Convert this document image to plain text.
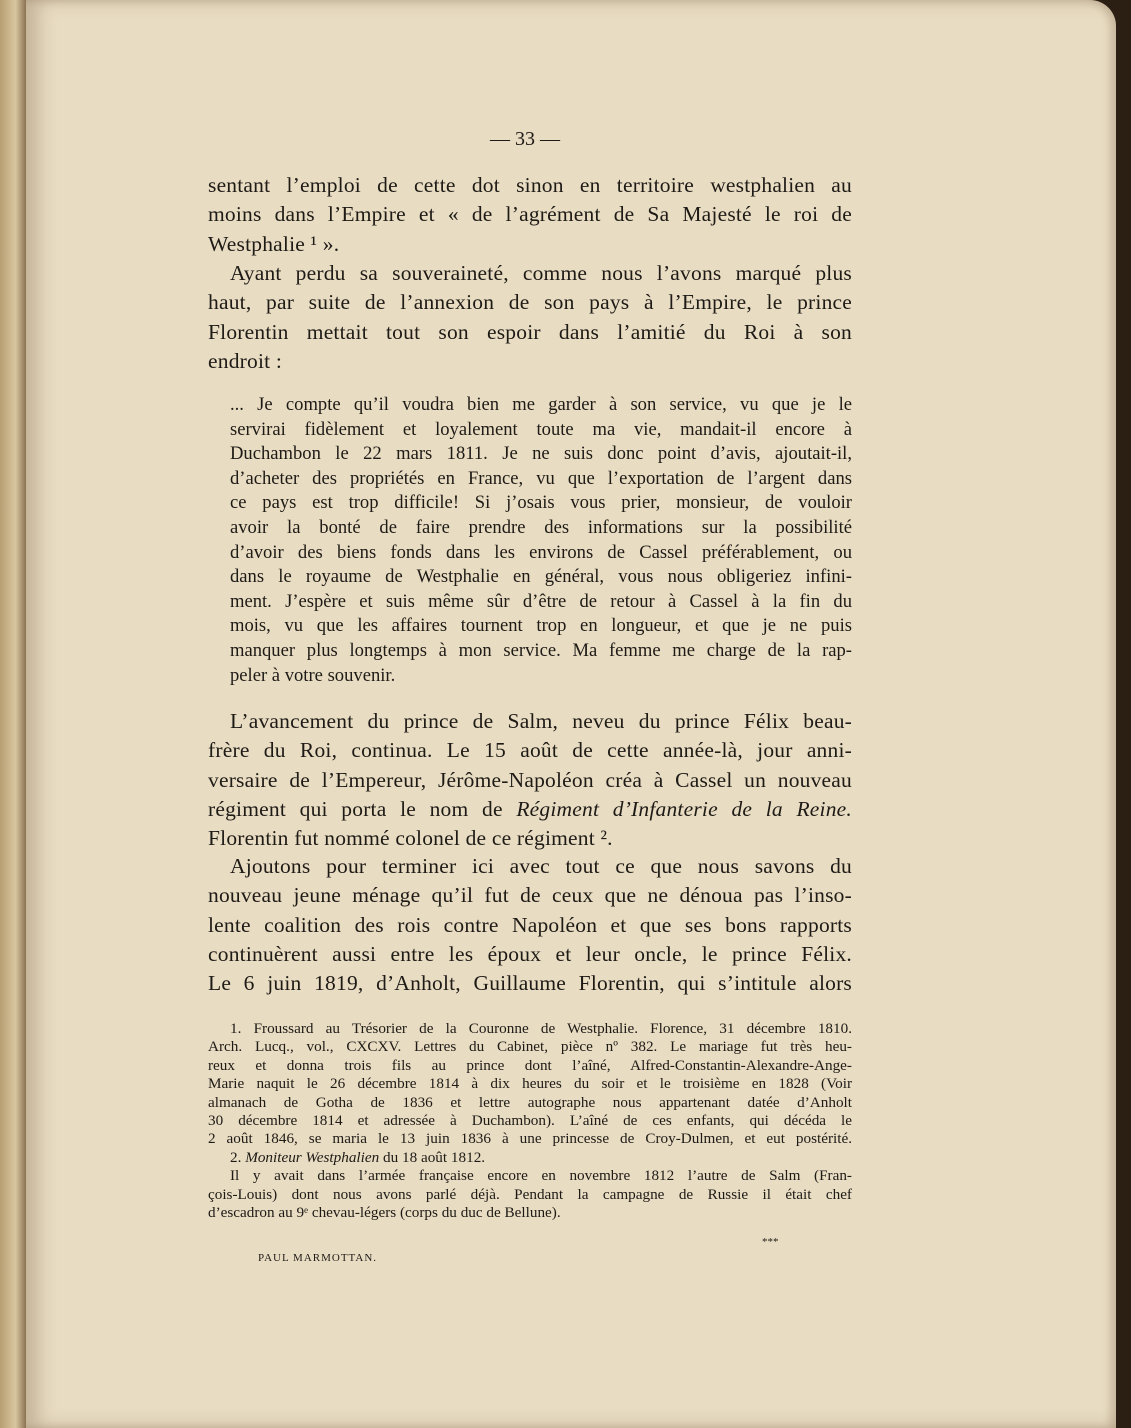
— 33 —
sentant l’emploi de cette dot sinon en territoire westphalien au
moins dans l’Empire et « de l’agrément de Sa Majesté le roi de
Westphalie ¹ ».
Ayant perdu sa souveraineté, comme nous l’avons marqué plus
haut, par suite de l’annexion de son pays à l’Empire, le prince
Florentin mettait tout son espoir dans l’amitié du Roi à son
endroit :
... Je compte qu’il voudra bien me garder à son service, vu que je le
servirai fidèlement et loyalement toute ma vie, mandait-il encore à
Duchambon le 22 mars 1811. Je ne suis donc point d’avis, ajoutait-il,
d’acheter des propriétés en France, vu que l’exportation de l’argent dans
ce pays est trop difficile! Si j’osais vous prier, monsieur, de vouloir
avoir la bonté de faire prendre des informations sur la possibilité
d’avoir des biens fonds dans les environs de Cassel préférablement, ou
dans le royaume de Westphalie en général, vous nous obligeriez infini-
ment. J’espère et suis même sûr d’être de retour à Cassel à la fin du
mois, vu que les affaires tournent trop en longueur, et que je ne puis
manquer plus longtemps à mon service. Ma femme me charge de la rap-
peler à votre souvenir.
L’avancement du prince de Salm, neveu du prince Félix beau-
frère du Roi, continua. Le 15 août de cette année-là, jour anni-
versaire de l’Empereur, Jérôme-Napoléon créa à Cassel un nouveau
régiment qui porta le nom de Régiment d’Infanterie de la Reine.
Florentin fut nommé colonel de ce régiment ².
Ajoutons pour terminer ici avec tout ce que nous savons du
nouveau jeune ménage qu’il fut de ceux que ne dénoua pas l’inso-
lente coalition des rois contre Napoléon et que ses bons rapports
continuèrent aussi entre les époux et leur oncle, le prince Félix.
Le 6 juin 1819, d’Anholt, Guillaume Florentin, qui s’intitule alors
1. Froussard au Trésorier de la Couronne de Westphalie. Florence, 31 décembre 1810.
Arch. Lucq., vol., CXCXV. Lettres du Cabinet, pièce nº 382. Le mariage fut très heu-
reux et donna trois fils au prince dont l’aîné, Alfred-Constantin-Alexandre-Ange-
Marie naquit le 26 décembre 1814 à dix heures du soir et le troisième en 1828 (Voir
almanach de Gotha de 1836 et lettre autographe nous appartenant datée d’Anholt
30 décembre 1814 et adressée à Duchambon). L’aîné de ces enfants, qui décéda le
2 août 1846, se maria le 13 juin 1836 à une princesse de Croy-Dulmen, et eut postérité.
2. Moniteur Westphalien du 18 août 1812.
Il y avait dans l’armée française encore en novembre 1812 l’autre de Salm (Fran-
çois-Louis) dont nous avons parlé déjà. Pendant la campagne de Russie il était chef
d’escadron au 9ᵉ chevau-légers (corps du duc de Bellune).
***
PAUL MARMOTTAN.
